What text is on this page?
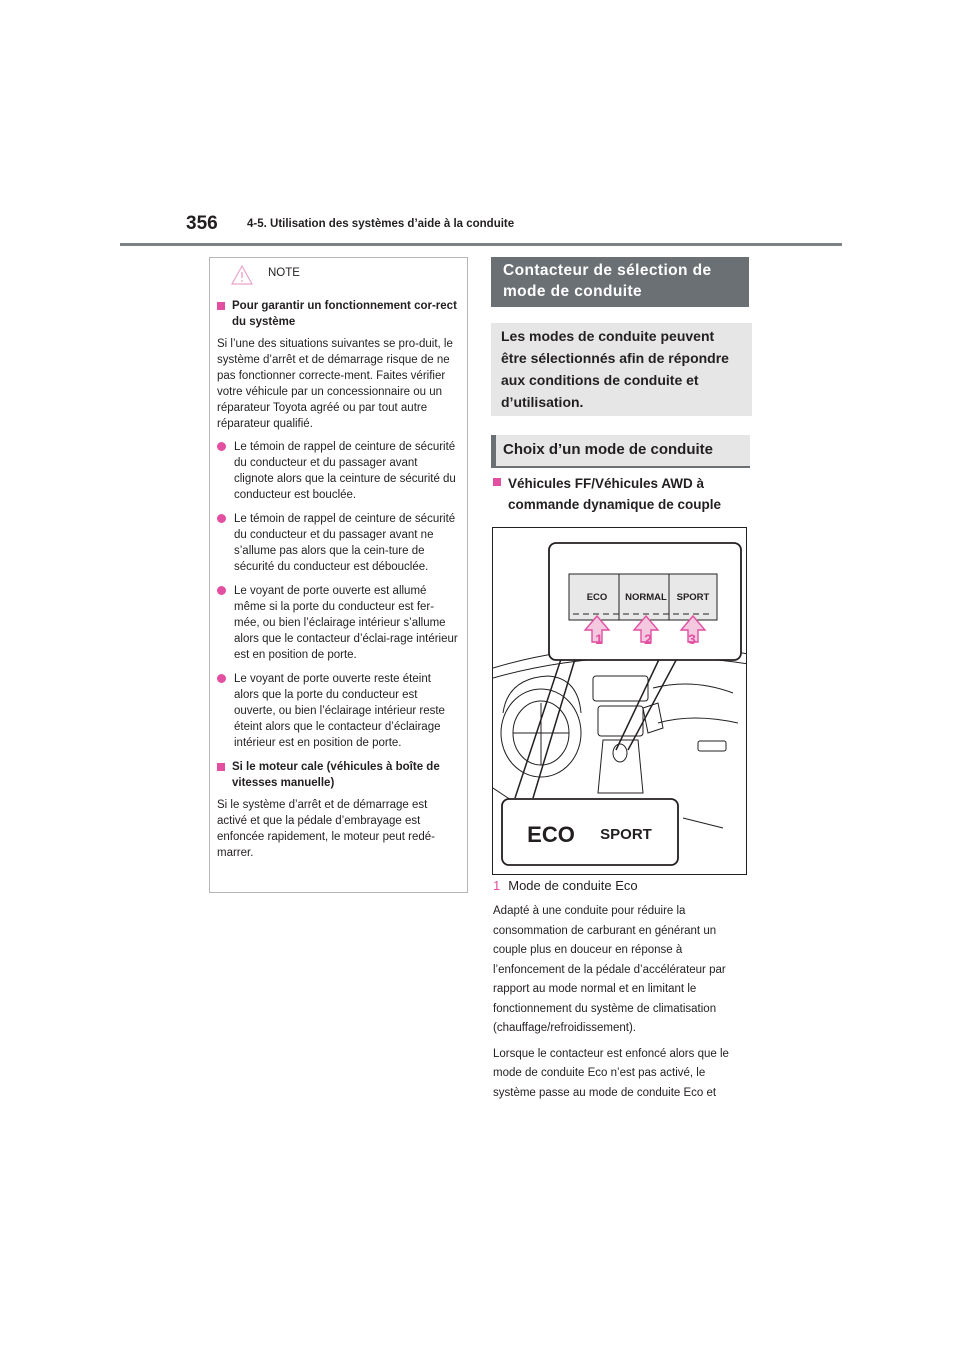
356	4-5. Utilisation des systèmes d’aide à la conduite
NOTE
Pour garantir un fonctionnement cor-rect du système

Si l’une des situations suivantes se pro-duit, le système d’arrêt et de démarrage risque de ne pas fonctionner correcte-ment. Faites vérifier votre véhicule par un concessionnaire ou un réparateur Toyota agréé ou par tout autre réparateur qualifié.

Le témoin de rappel de ceinture de sécurité du conducteur et du passager avant clignote alors que la ceinture de sécurité du conducteur est bouclée.
Le témoin de rappel de ceinture de sécurité du conducteur et du passager avant ne s’allume pas alors que la cein-ture de sécurité du conducteur est débouclée.
Le voyant de porte ouverte est allumé même si la porte du conducteur est fer-mée, ou bien l’éclairage intérieur s’allume alors que le contacteur d’éclai-rage intérieur est en position de porte.
Le voyant de porte ouverte reste éteint alors que la porte du conducteur est ouverte, ou bien l’éclairage intérieur reste éteint alors que le contacteur d’éclairage intérieur est en position de porte.
Si le moteur cale (véhicules à boîte de vitesses manuelle)

Si le système d’arrêt et de démarrage est activé et que la pédale d’embrayage est enfoncée rapidement, le moteur peut redé-marrer.

Contacteur de sélection de mode de conduite
Les modes de conduite peuvent être sélectionnés afin de répondre aux conditions de conduite et d’utilisation.
Choix d’un mode de conduite
Véhicules FF/Véhicules AWD à commande dynamique de couple
ECO NORMAL SPORT
1	2	3
ECO SPORT
1 Mode de conduite Eco

Adapté à une conduite pour réduire la consommation de carburant en générant un couple plus en douceur en réponse à l’enfoncement de la pédale d’accélérateur par rapport au mode normal et en limitant le fonctionnement du système de climatisation (chauffage/refroidissement).

Lorsque le contacteur est enfoncé alors que le mode de conduite Eco n’est pas activé, le système passe au mode de conduite Eco et
